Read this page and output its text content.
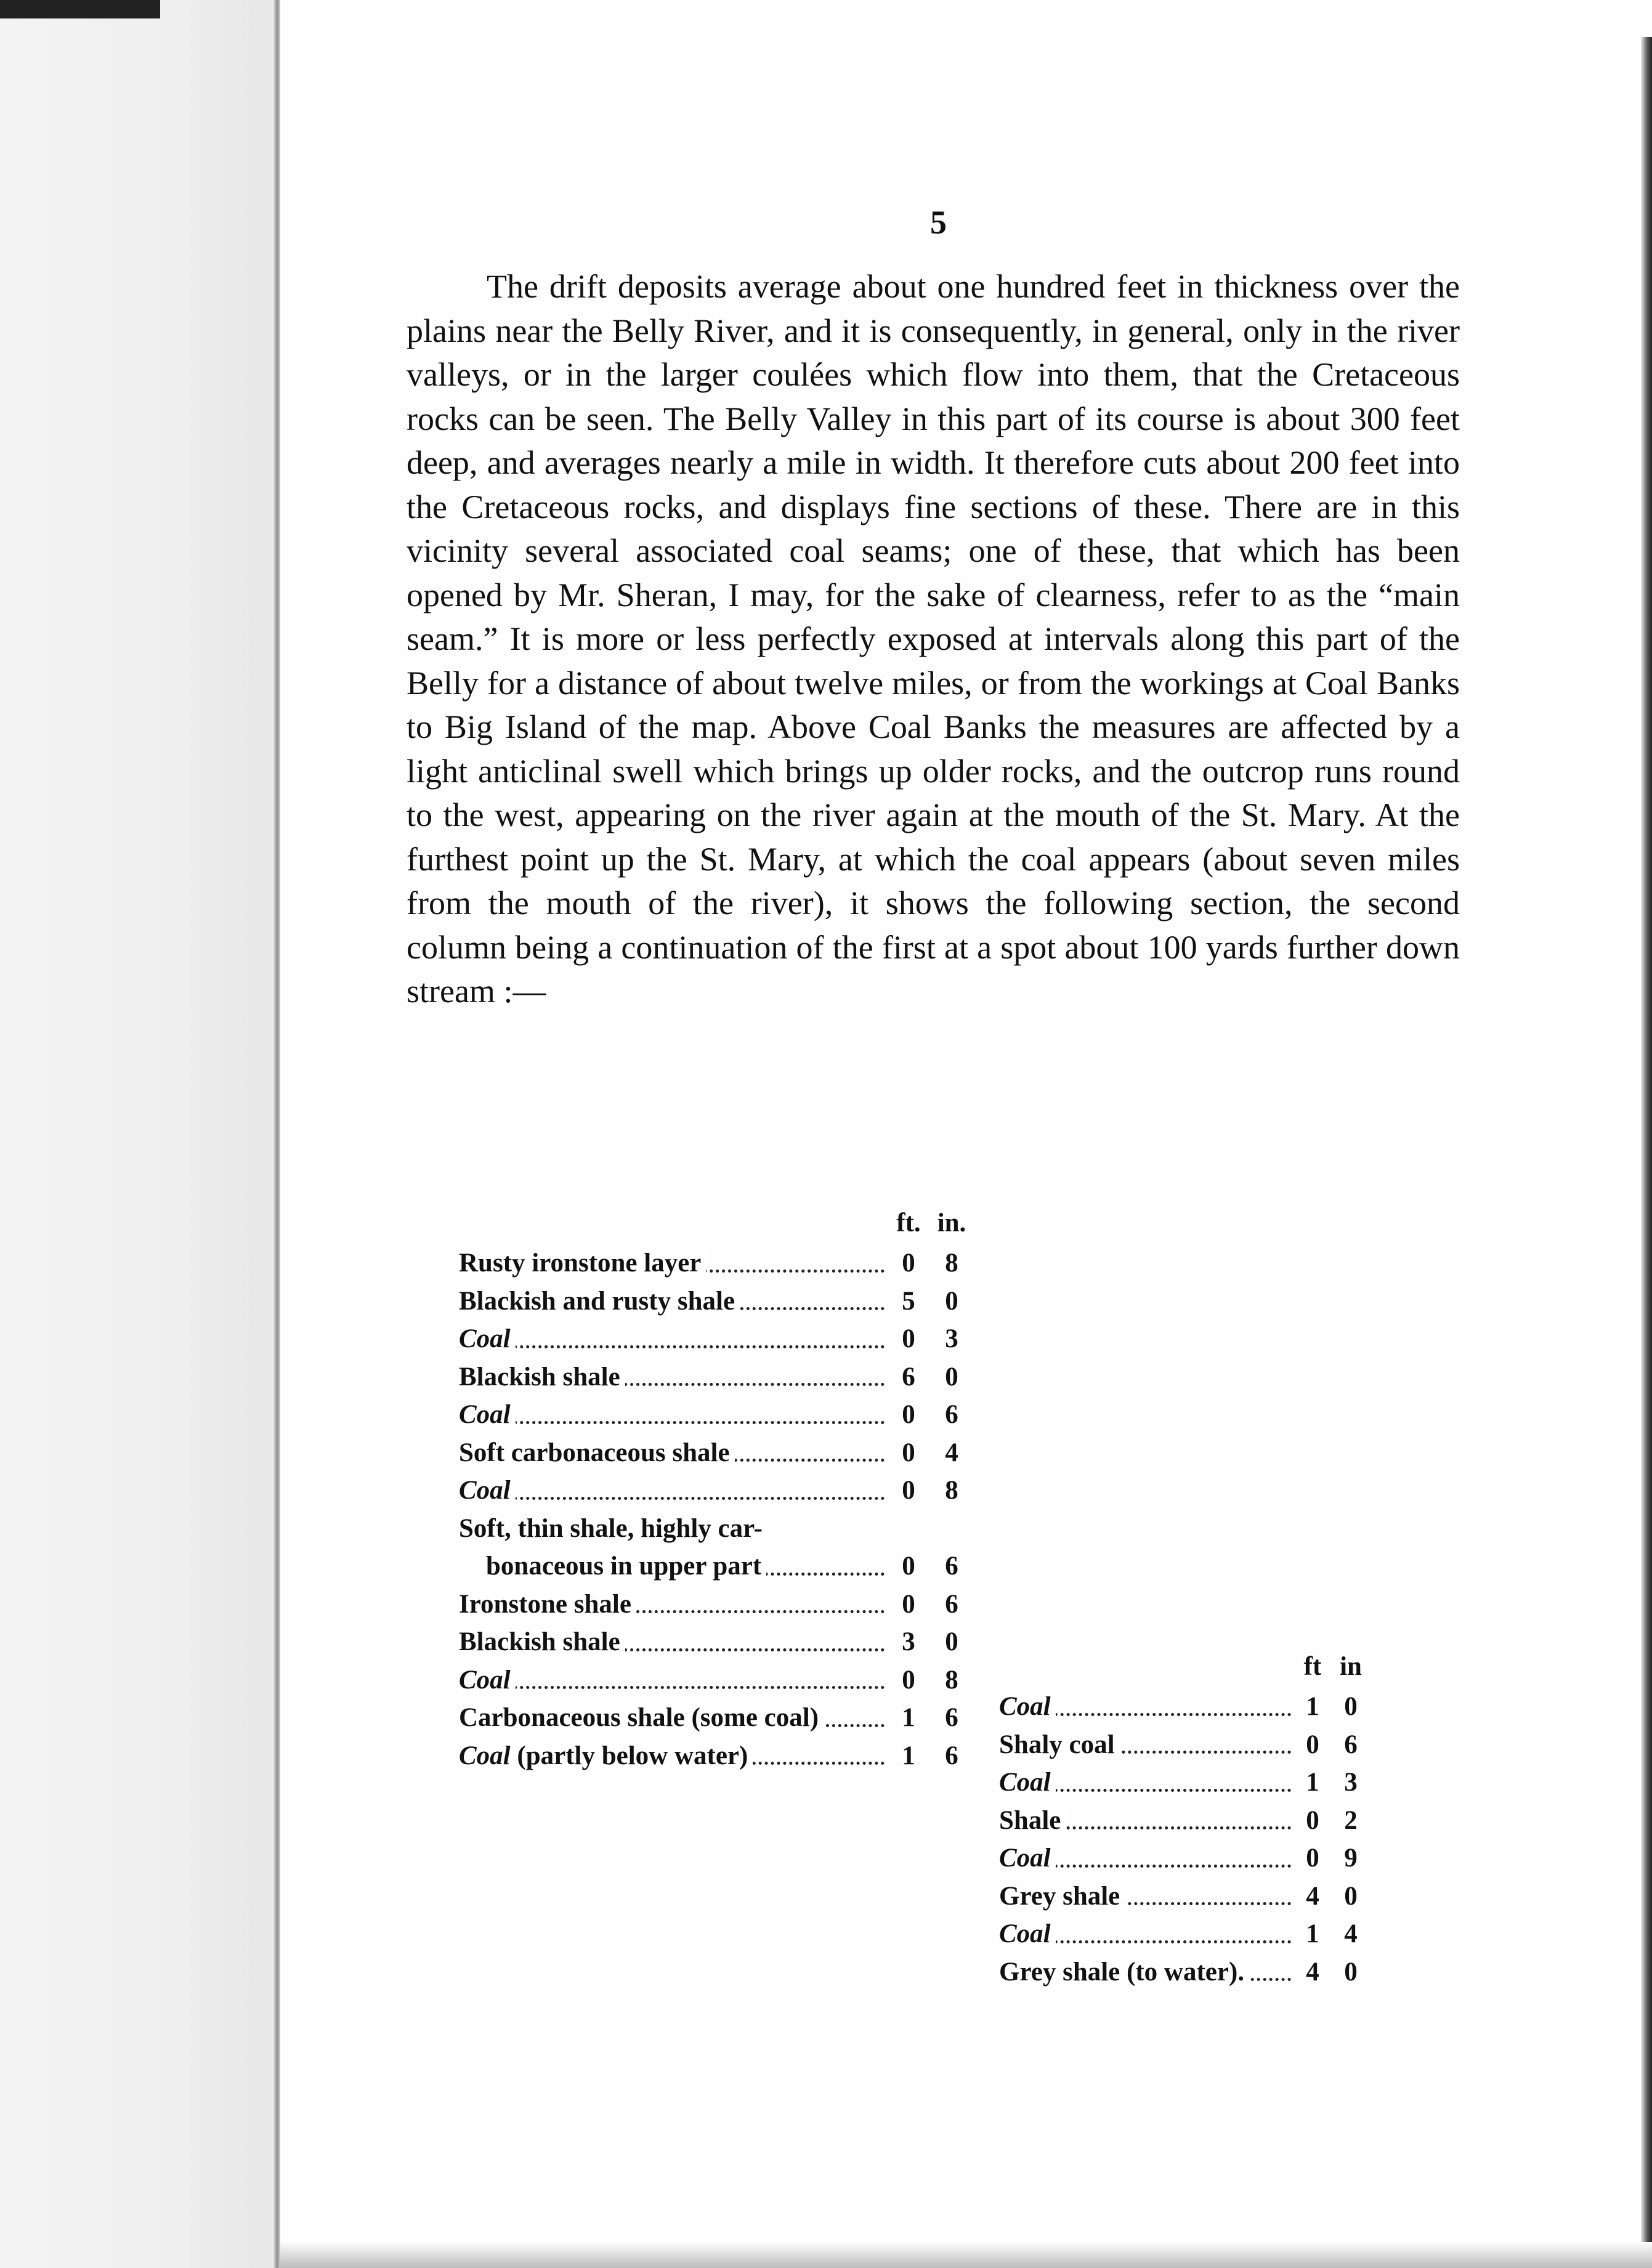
5

The drift deposits average about one hundred feet in thickness over the plains near the Belly River, and it is consequently, in general, only in the river valleys, or in the larger coulées which flow into them, that the Cretaceous rocks can be seen. The Belly Valley in this part of its course is about 300 feet deep, and averages nearly a mile in width. It therefore cuts about 200 feet into the Cretaceous rocks, and displays fine sections of these. There are in this vicinity several associated coal seams; one of these, that which has been opened by Mr. Sheran, I may, for the sake of clearness, refer to as the “main seam.” It is more or less perfectly exposed at intervals along this part of the Belly for a distance of about twelve miles, or from the workings at Coal Banks to Big Island of the map. Above Coal Banks the measures are affected by a light anticlinal swell which brings up older rocks, and the outcrop runs round to the west, appearing on the river again at the mouth of the St. Mary. At the furthest point up the St. Mary, at which the coal appears (about seven miles from the mouth of the river), it shows the following section, the second column being a continuation of the first at a spot about 100 yards further down stream :—

	ft.	in.
Rusty ironstone layer	0	8
Blackish and rusty shale	5	0
Coal	0	3
Blackish shale	6	0
Coal	0	6
Soft carbonaceous shale	0	4
Coal	0	8
Soft, thin shale, highly car-		
bonaceous in upper part	0	6
Ironstone shale	0	6
Blackish shale	3	0
Coal	0	8
Carbonaceous shale (some coal)	1	6
Coal (partly below water)	1	6
	ft	in
Coal	1	0
Shaly coal	0	6
Coal	1	3
Shale	0	2
Coal	0	9
Grey shale	4	0
Coal	1	4
Grey shale (to water).	4	0
